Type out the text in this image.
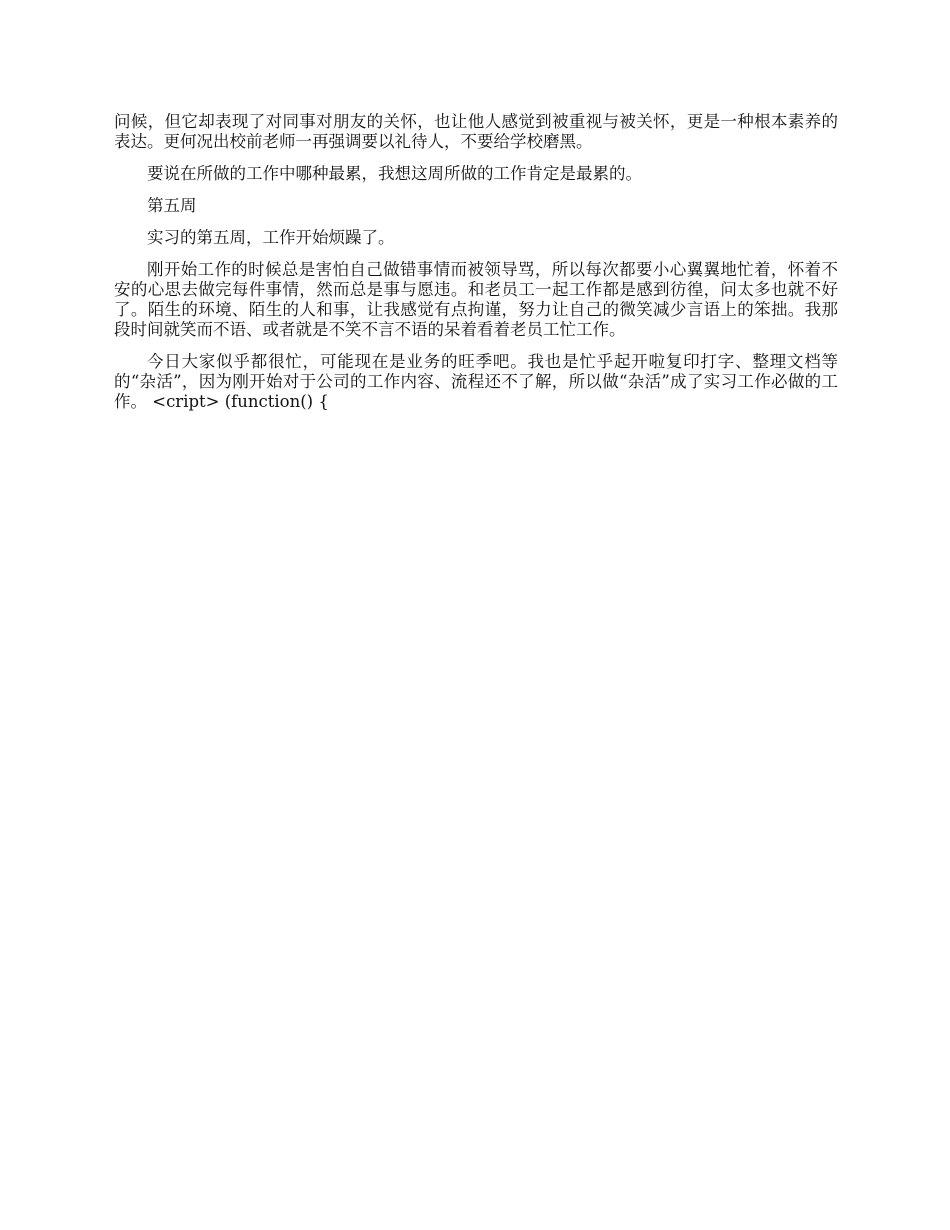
问候，但它却表现了对同事对朋友的关怀，也让他人感觉到被重视与被关怀，更是一种根本素养的表达。更何况出校前老师一再强调要以礼待人，不要给学校磨黑。

要说在所做的工作中哪种最累，我想这周所做的工作肯定是最累的。

第五周

实习的第五周，工作开始烦躁了。

刚开始工作的时候总是害怕自己做错事情而被领导骂，所以每次都要小心翼翼地忙着，怀着不安的心思去做完每件事情，然而总是事与愿违。和老员工一起工作都是感到彷徨，问太多也就不好了。陌生的环境、陌生的人和事，让我感觉有点拘谨，努力让自己的微笑减少言语上的笨拙。我那段时间就笑而不语、或者就是不笑不言不语的呆着看着老员工忙工作。

今日大家似乎都很忙，可能现在是业务的旺季吧。我也是忙乎起开啦复印打字、整理文档等的“杂活”，因为刚开始对于公司的工作内容、流程还不了解，所以做“杂活”成了实习工作必做的工作。 <cript> (function() {
